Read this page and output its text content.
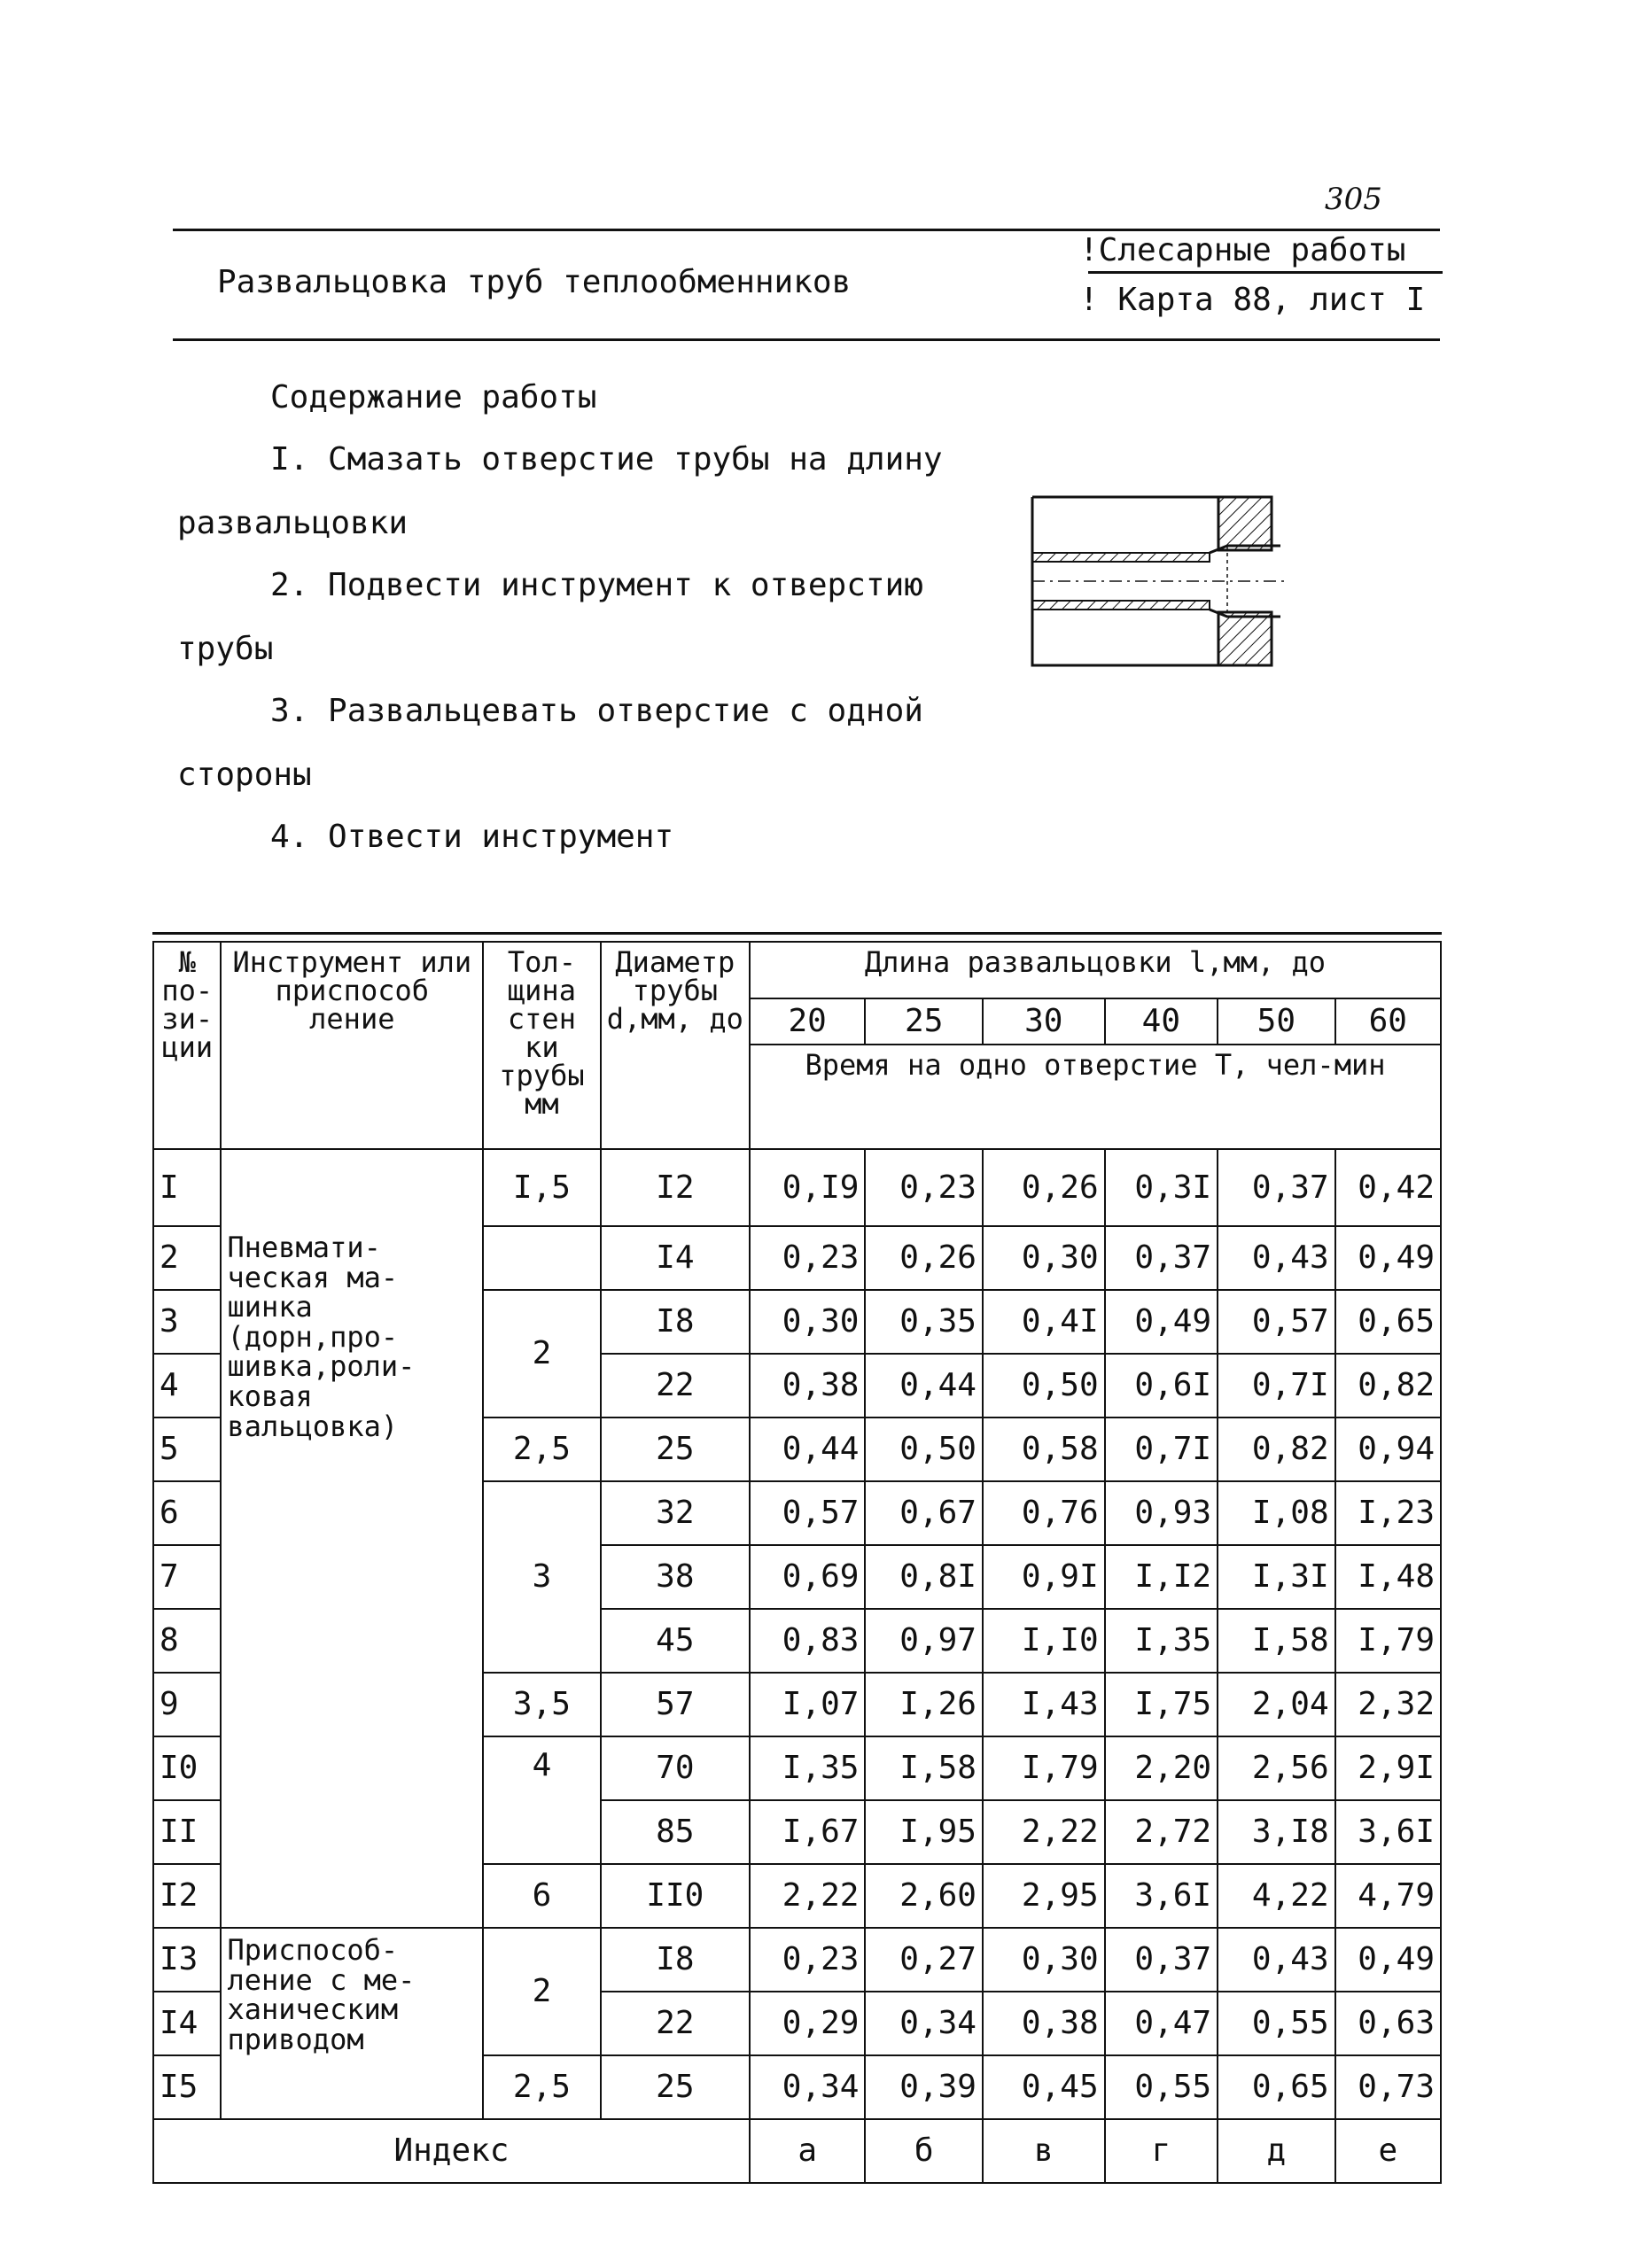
305
Развальцовка труб теплообменников
!Слесарные работы
! Карта 88, лист I
Содержание работы
I. Смазать отверстие трубы на длину
развальцовки
2. Подвести инструмент к отверстию
трубы
3. Развальцевать отверстие с одной
стороны
4. Отвести инструмент
№ по- зи- ции	Инструмент или приспособ ление	Тол- щина стен ки трубы мм	Диаметр трубы d,мм, до	Длина развальцовки l,мм, до					
				20	25	30	40	50	60
				Время на одно отверстие Т, чел-мин					
I		I,5	I2	0,I9	0,23	0,26	0,3I	0,37	0,42
2	Пневмати- ческая ма- шинка (дорн,про- шивка,роли- ковая вальцовка)		I4	0,23	0,26	0,30	0,37	0,43	0,49
3		2	I8	0,30	0,35	0,4I	0,49	0,57	0,65
4			22	0,38	0,44	0,50	0,6I	0,7I	0,82
5		2,5	25	0,44	0,50	0,58	0,7I	0,82	0,94
6		3	32	0,57	0,67	0,76	0,93	I,08	I,23
7			38	0,69	0,8I	0,9I	I,I2	I,3I	I,48
8			45	0,83	0,97	I,I0	I,35	I,58	I,79
9		3,5	57	I,07	I,26	I,43	I,75	2,04	2,32
I0		4	70	I,35	I,58	I,79	2,20	2,56	2,9I
II			85	I,67	I,95	2,22	2,72	3,I8	3,6I
I2		6	II0	2,22	2,60	2,95	3,6I	4,22	4,79
I3	Приспособ- ление с ме- ханическим приводом	2	I8	0,23	0,27	0,30	0,37	0,43	0,49
I4			22	0,29	0,34	0,38	0,47	0,55	0,63
I5		2,5	25	0,34	0,39	0,45	0,55	0,65	0,73
Индекс				а	б	в	г	д	е
